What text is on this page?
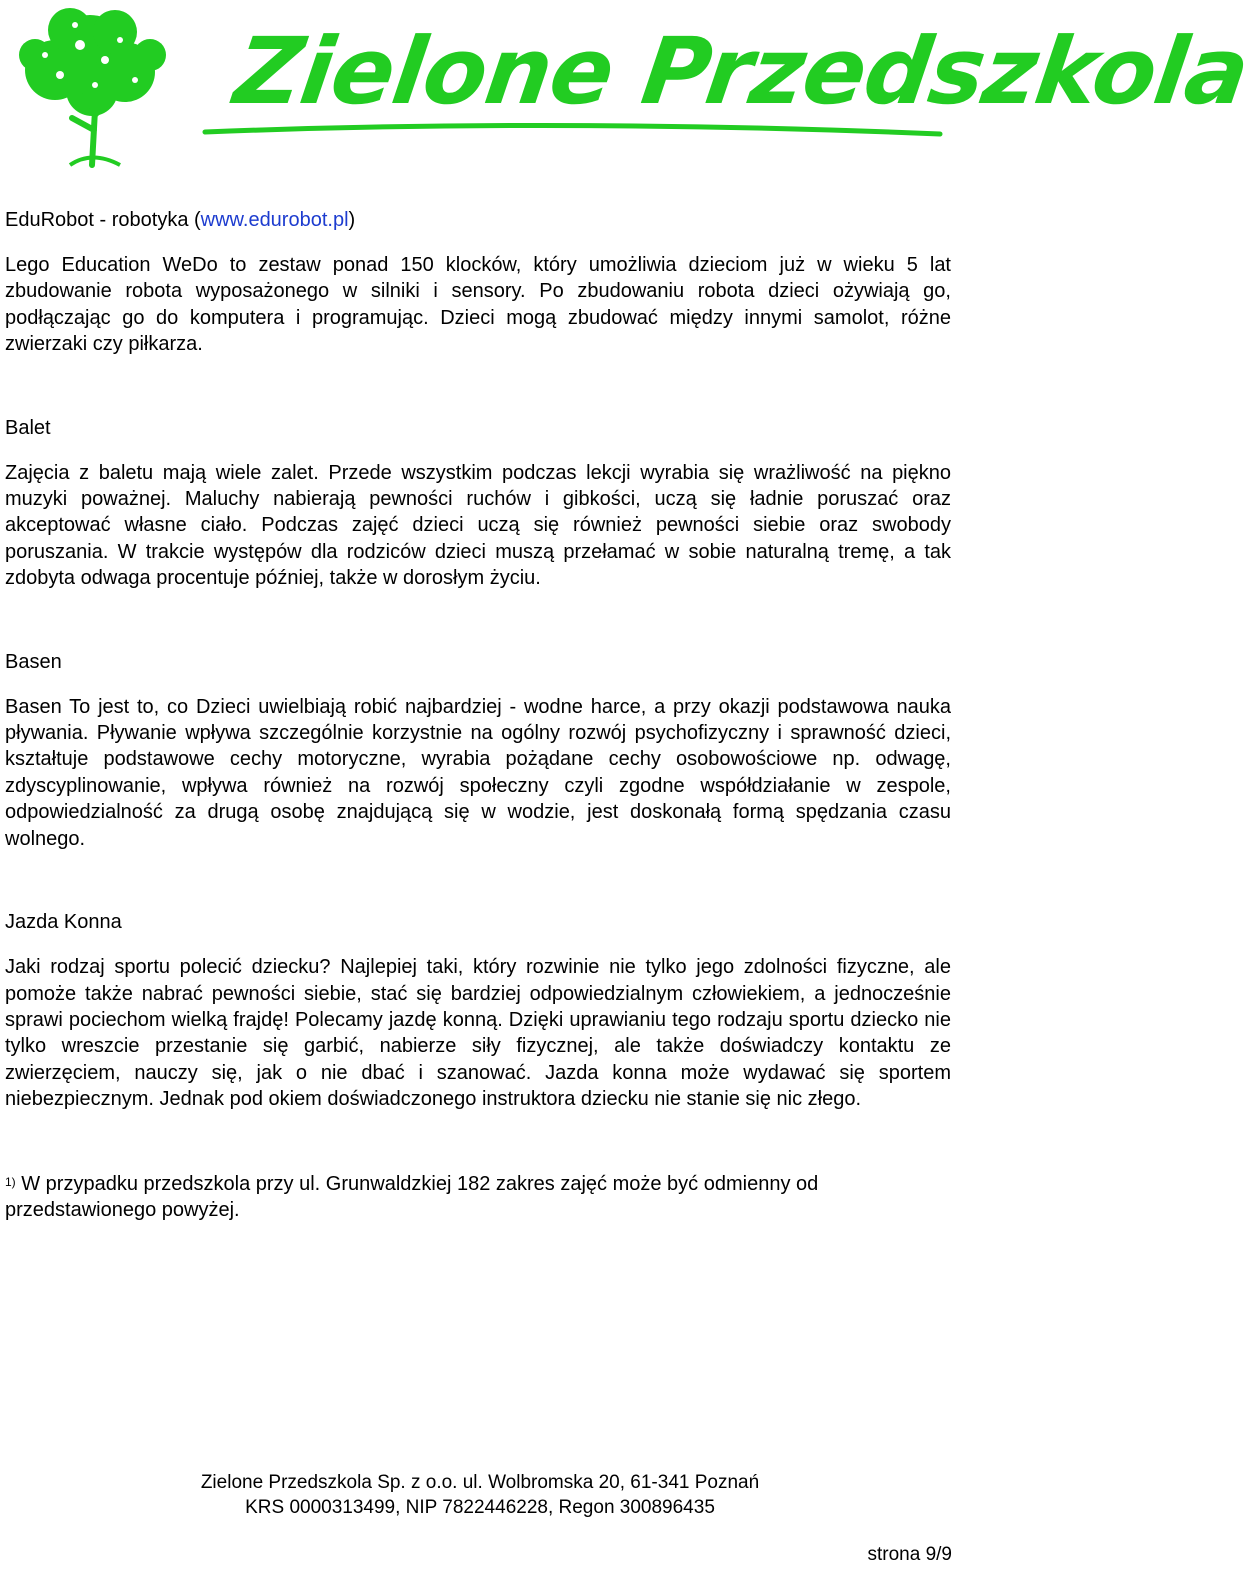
Zielone Przedszkola
EduRobot - robotyka (www.edurobot.pl)

Lego Education WeDo to zestaw ponad 150 klocków, który umożliwia dzieciom już w wieku 5 lat zbudowanie robota wyposażonego w silniki i sensory. Po zbudowaniu robota dzieci ożywiają go, podłączając go do komputera i programując. Dzieci mogą zbudować między innymi samolot, różne zwierzaki czy piłkarza.

Balet

Zajęcia z baletu mają wiele zalet. Przede wszystkim podczas lekcji wyrabia się wrażliwość na piękno muzyki poważnej. Maluchy nabierają pewności ruchów i gibkości, uczą się ładnie poruszać oraz akceptować własne ciało. Podczas zajęć dzieci uczą się również pewności siebie oraz swobody poruszania. W trakcie występów dla rodziców dzieci muszą przełamać w sobie naturalną tremę, a tak zdobyta odwaga procentuje później, także w dorosłym życiu.

Basen

Basen To jest to, co Dzieci uwielbiają robić najbardziej - wodne harce, a przy okazji podstawowa nauka pływania. Pływanie wpływa szczególnie korzystnie na ogólny rozwój psychofizyczny i sprawność dzieci, kształtuje podstawowe cechy motoryczne, wyrabia pożądane cechy osobowościowe np. odwagę, zdyscyplinowanie, wpływa również na rozwój społeczny czyli zgodne współdziałanie w zespole, odpowiedzialność za drugą osobę znajdującą się w wodzie, jest doskonałą formą spędzania czasu wolnego.

Jazda Konna

Jaki rodzaj sportu polecić dziecku? Najlepiej taki, który rozwinie nie tylko jego zdolności fizyczne, ale pomoże także nabrać pewności siebie, stać się bardziej odpowiedzialnym człowiekiem, a jednocześnie sprawi pociechom wielką frajdę! Polecamy jazdę konną. Dzięki uprawianiu tego rodzaju sportu dziecko nie tylko wreszcie przestanie się garbić, nabierze siły fizycznej, ale także doświadczy kontaktu ze zwierzęciem, nauczy się, jak o nie dbać i szanować. Jazda konna może wydawać się sportem niebezpiecznym. Jednak pod okiem doświadczonego instruktora dziecku nie stanie się nic złego.

$^{1)}$ W przypadku przedszkola przy ul. Grunwaldzkiej 182 zakres zajęć może być odmienny od przedstawionego powyżej.
Zielone Przedszkola Sp. z o.o. ul. Wolbromska 20, 61-341 Poznań
KRS 0000313499, NIP 7822446228, Regon 300896435
strona 9/9
